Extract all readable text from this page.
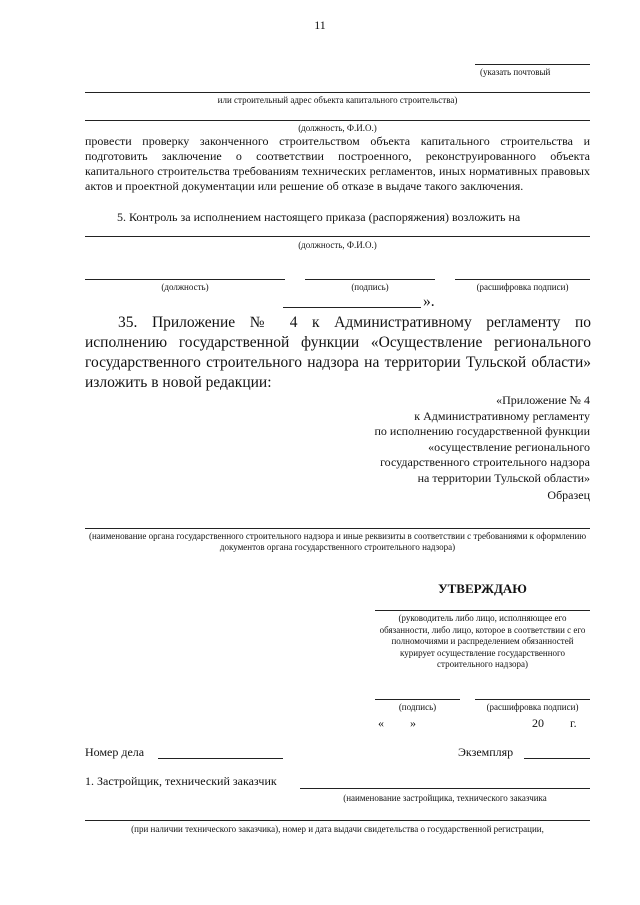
11
(указать почтовый
или строительный адрес объекта капитального строительства)
(должность, Ф.И.О.)
провести проверку законченного строительством объекта капитального строительства и подготовить заключение о соответствии построенного, реконструированного объекта капитального строительства требованиям технических регламентов, иных нормативных правовых актов и проектной документации или решение об отказе в выдаче такого заключения.
5. Контроль за исполнением настоящего приказа (распоряжения) возложить на
(должность, Ф.И.О.)
(должность)	(подпись)	(расшифровка подписи)
».
35. Приложение № 4 к Административному регламенту по исполнению государственной функции «Осуществление регионального государственного строительного надзора на территории Тульской области» изложить в новой редакции:
«Приложение № 4
к Административному регламенту
по исполнению государственной функции
«осуществление регионального
государственного строительного надзора
на территории Тульской области»
Образец
(наименование органа государственного строительного надзора и иные реквизиты в соответствии с требованиями к оформлению документов органа государственного строительного надзора)
УТВЕРЖДАЮ
(руководитель либо лицо, исполняющее его обязанности, либо лицо, которое в соответствии с его полномочиями и распределением обязанностей курирует осуществление государственного строительного надзора)
(подпись)	(расшифровка подписи)
« »	20 г.
Номер дела	Экземпляр
1. Застройщик, технический заказчик
(наименование застройщика, технического заказчика
(при наличии технического заказчика), номер и дата выдачи свидетельства о государственной регистрации,
